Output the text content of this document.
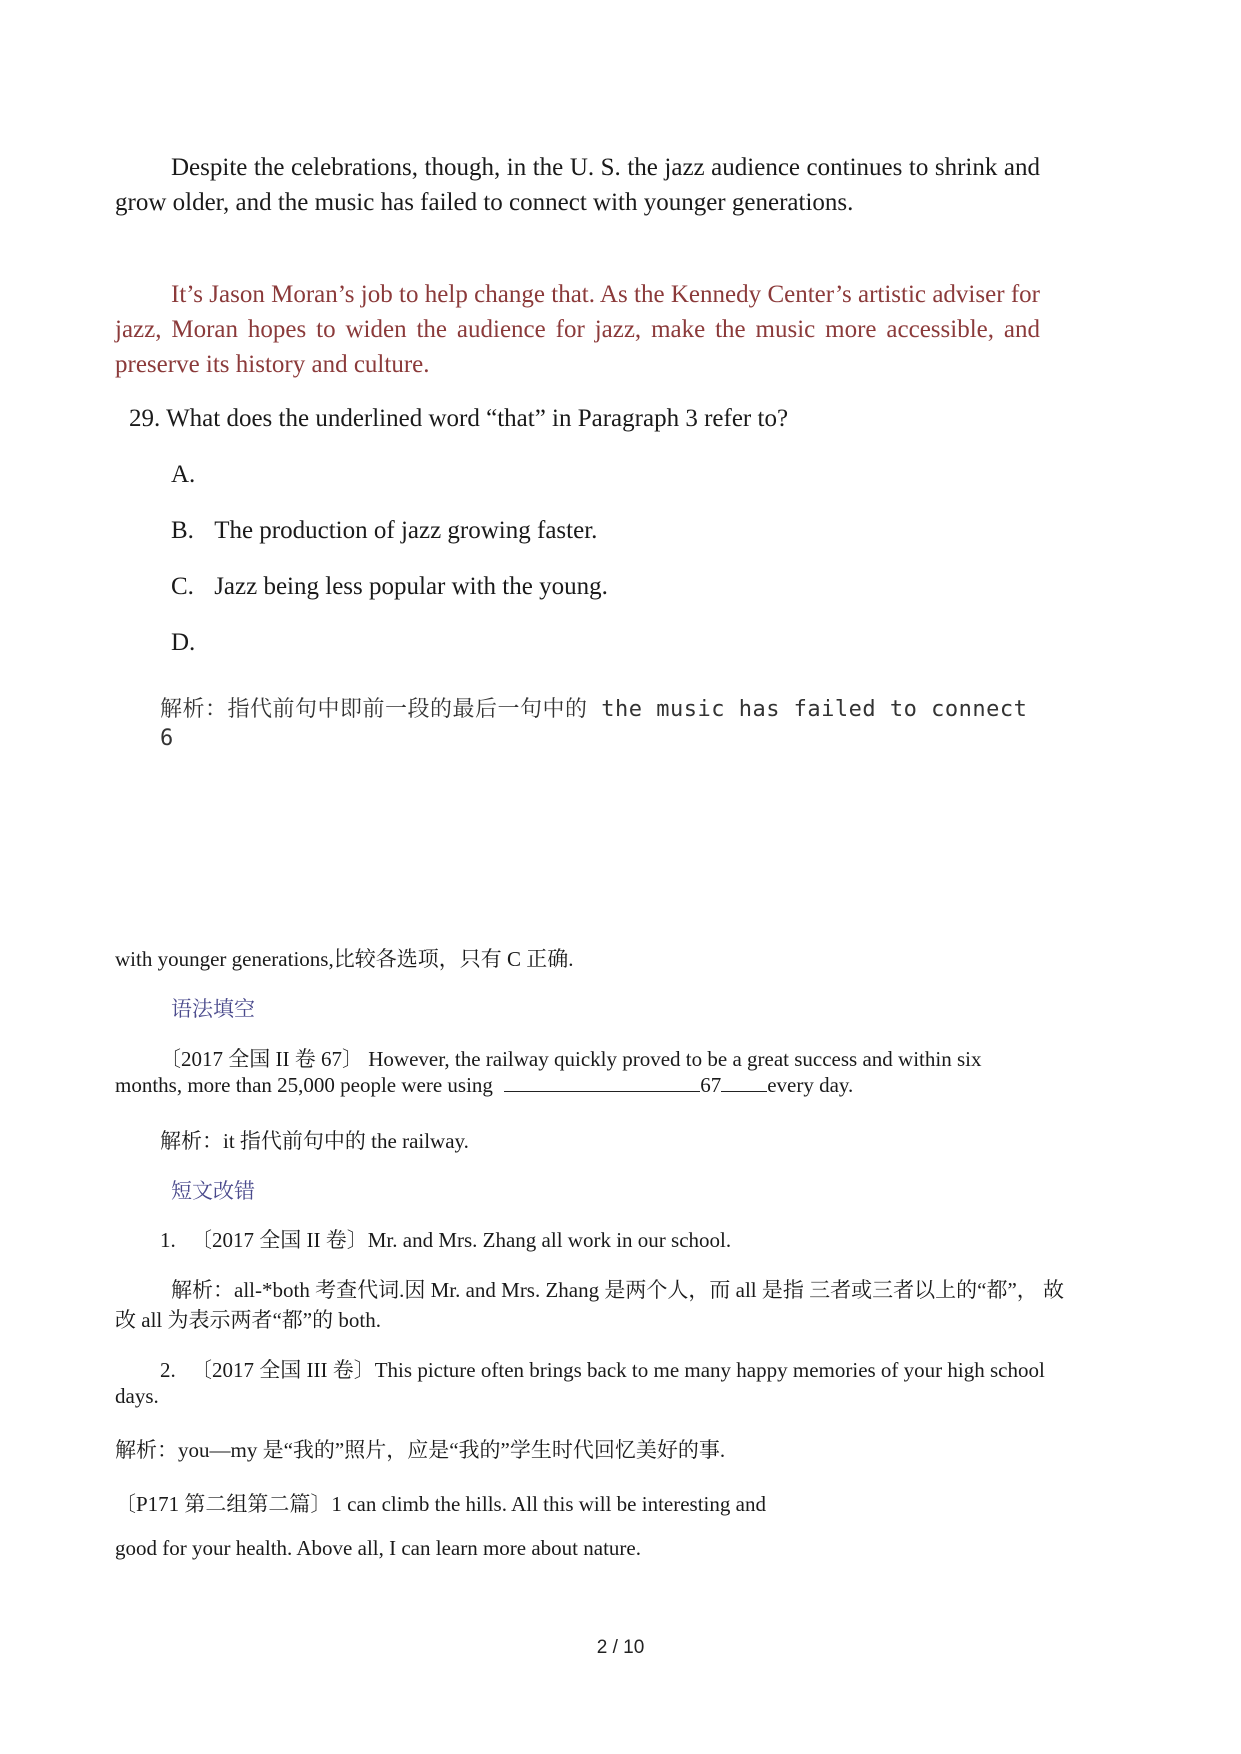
Despite the celebrations, though, in the U. S. the jazz audience continues to shrink and grow older, and the music has failed to connect with younger generations.
It’s Jason Moran’s job to help change that. As the Kennedy Center’s artistic adviser for jazz, Moran hopes to widen the audience for jazz, make the music more accessible, and preserve its history and culture.
29. What does the underlined word “that” in Paragraph 3 refer to?
A.
B. The production of jazz growing faster.
C. Jazz being less popular with the young.
D.
解析：指代前句中即前一段的最后一句中的 the music has failed to connect
6
with younger generations,比较各选项，只有 C 正确.
语法填空
〔2017 全国 II 卷 67〕 However, the railway quickly proved to be a great success and within six
months, more than 25,000 people were using	67 every day.
解析：it 指代前句中的 the railway.
短文改错
1. 〔2017 全国 II 卷〕Mr. and Mrs. Zhang all work in our school.
解析：all-*both 考查代词.因 Mr. and Mrs. Zhang 是两个人，而 all 是指 三者或三者以上的“都”， 故
改 all 为表示两者“都”的 both.
2. 〔2017 全国 III 卷〕This picture often brings back to me many happy memories of your high school
days.
解析：you—my 是“我的”照片，应是“我的”学生时代回忆美好的事.
〔P171 第二组第二篇〕1 can climb the hills. All this will be interesting and
good for your health. Above all, I can learn more about nature.
2 / 10
